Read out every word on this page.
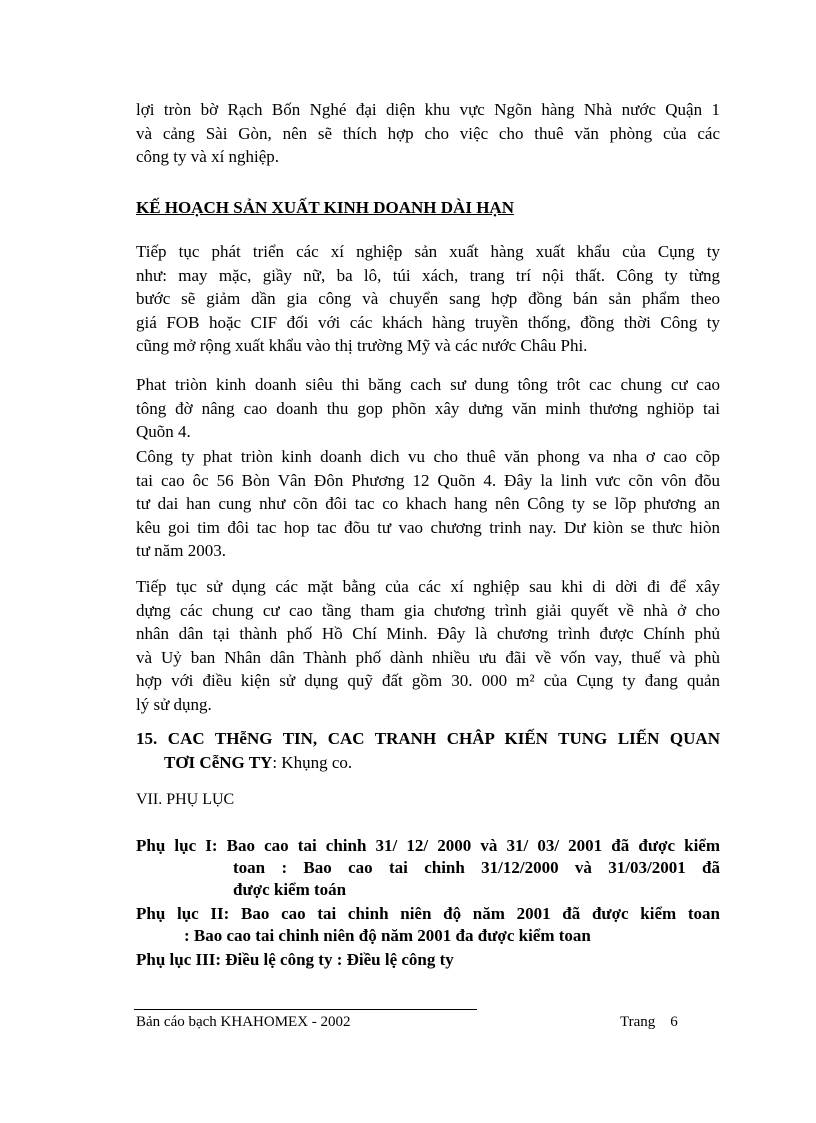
lợi tròn bờ Rạch Bốn Nghé đại diện khu vực Ngõn hàng Nhà nước Quận 1
và cảng Sài Gòn, nên sẽ thích hợp cho việc cho thuê văn phòng của các
công ty và xí nghiệp.

KẾ HOẠCH SẢN XUẤT KINH DOANH DÀI HẠN

Tiếp tục phát triển các xí nghiệp sản xuất hàng xuất khẩu của Cụng ty
như: may mặc, giầy nữ, ba lô, túi xách, trang trí nội thất. Công ty từng
bước sẽ giảm dần gia công và chuyển sang hợp đồng bán sản phẩm theo
giá FOB hoặc CIF đối với các khách hàng truyền thống, đồng thời Công ty
cũng mở rộng xuất khẩu vào thị trường Mỹ và các nước Châu Phi.

Phat triòn kinh doanh siêu thi băng cach sư dung tông trôt cac chung cư cao
tông đờ nâng cao doanh thu gop phõn xây dưng văn minh thương nghiöp tai
Quõn 4.

Công ty phat triòn kinh doanh dich vu cho thuê văn phong va nha ơ cao cõp
tai cao ôc 56 Bòn Vân Đôn Phương 12 Quõn 4. Đây la linh vưc cõn vôn đõu
tư dai han cung như cõn đôi tac co khach hang nên Công ty se lõp phương an
kêu goi tim đôi tac hop tac đõu tư vao chương trinh nay. Dư kiòn se thưc hiòn
tư năm 2003.

Tiếp tục sử dụng các mặt bằng của các xí nghiệp sau khi di dời đi để xây
dựng các chung cư cao tầng tham gia chương trình giải quyết về nhà ở cho
nhân dân tại thành phố Hồ Chí Minh. Đây là chương trình được Chính phủ
và Uỷ ban Nhân dân Thành phố dành nhiều ưu đãi về vốn vay, thuế và phù
hợp với điều kiện sử dụng quỹ đất gồm 30. 000 m² của Cụng ty đang quản
lý sử dụng.

15. CAC THễNG TIN, CAC TRANH CHÂP KIẾN TUNG LIẾN QUAN
TƠI CễNG TY: Khụng co.

VII. PHỤ LỤC

Phụ lục I: Bao cao tai chinh 31/ 12/ 2000 và 31/ 03/ 2001 đã được kiểm
toan : Bao cao tai chinh 31/12/2000 và 31/03/2001 đã
được kiểm toán

Phụ lục II: Bao cao tai chinh niên độ năm 2001 đã được kiểm toan
: Bao cao tai chinh niên độ năm 2001 đa được kiểm toan

Phụ lục III: Điều lệ công ty : Điều lệ công ty

Bản cáo bạch KHAHOMEX - 2002	Trang    6
